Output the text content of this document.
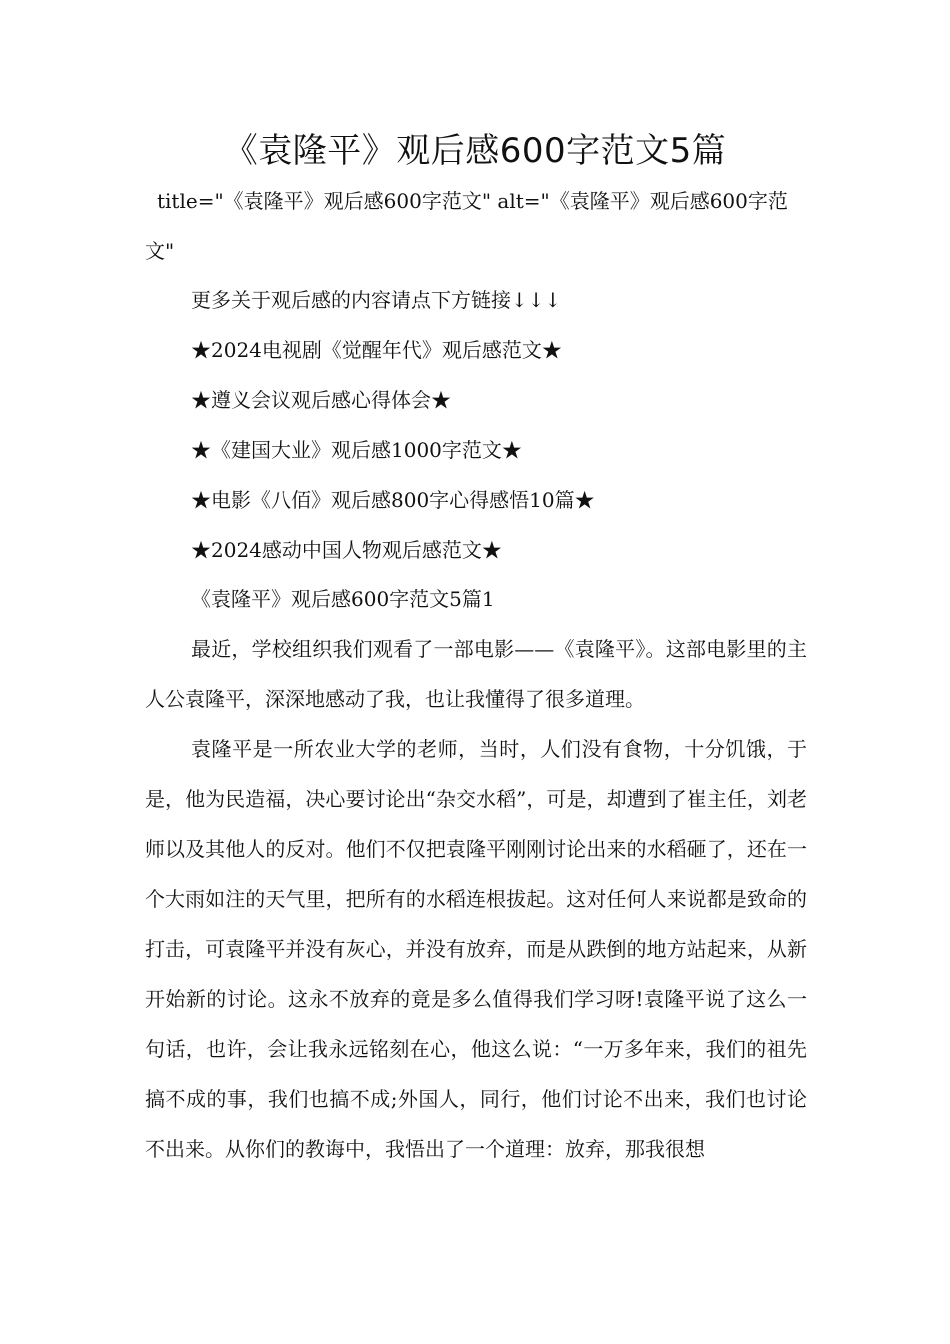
《袁隆平》观后感600字范文5篇

title="《袁隆平》观后感600字范文" alt="《袁隆平》观后感600字范文"

更多关于观后感的内容请点下方链接↓↓↓

★2024电视剧《觉醒年代》观后感范文★
★遵义会议观后感心得体会★
★《建国大业》观后感1000字范文★
★电影《八佰》观后感800字心得感悟10篇★
★2024感动中国人物观后感范文★

《袁隆平》观后感600字范文5篇1

最近，学校组织我们观看了一部电影——《袁隆平》。这部电影里的主人公袁隆平，深深地感动了我，也让我懂得了很多道理。

袁隆平是一所农业大学的老师，当时，人们没有食物，十分饥饿，于是，他为民造福，决心要讨论出“杂交水稻”，可是，却遭到了崔主任，刘老师以及其他人的反对。他们不仅把袁隆平刚刚讨论出来的水稻砸了，还在一个大雨如注的天气里，把所有的水稻连根拔起。这对任何人来说都是致命的打击，可袁隆平并没有灰心，并没有放弃，而是从跌倒的地方站起来，从新开始新的讨论。这永不放弃的竟是多么值得我们学习呀!袁隆平说了这么一句话，也许，会让我永远铭刻在心，他这么说：“一万多年来，我们的祖先搞不成的事，我们也搞不成;外国人，同行，他们讨论不出来，我们也讨论不出来。从你们的教诲中，我悟出了一个道理：放弃，那我很想
